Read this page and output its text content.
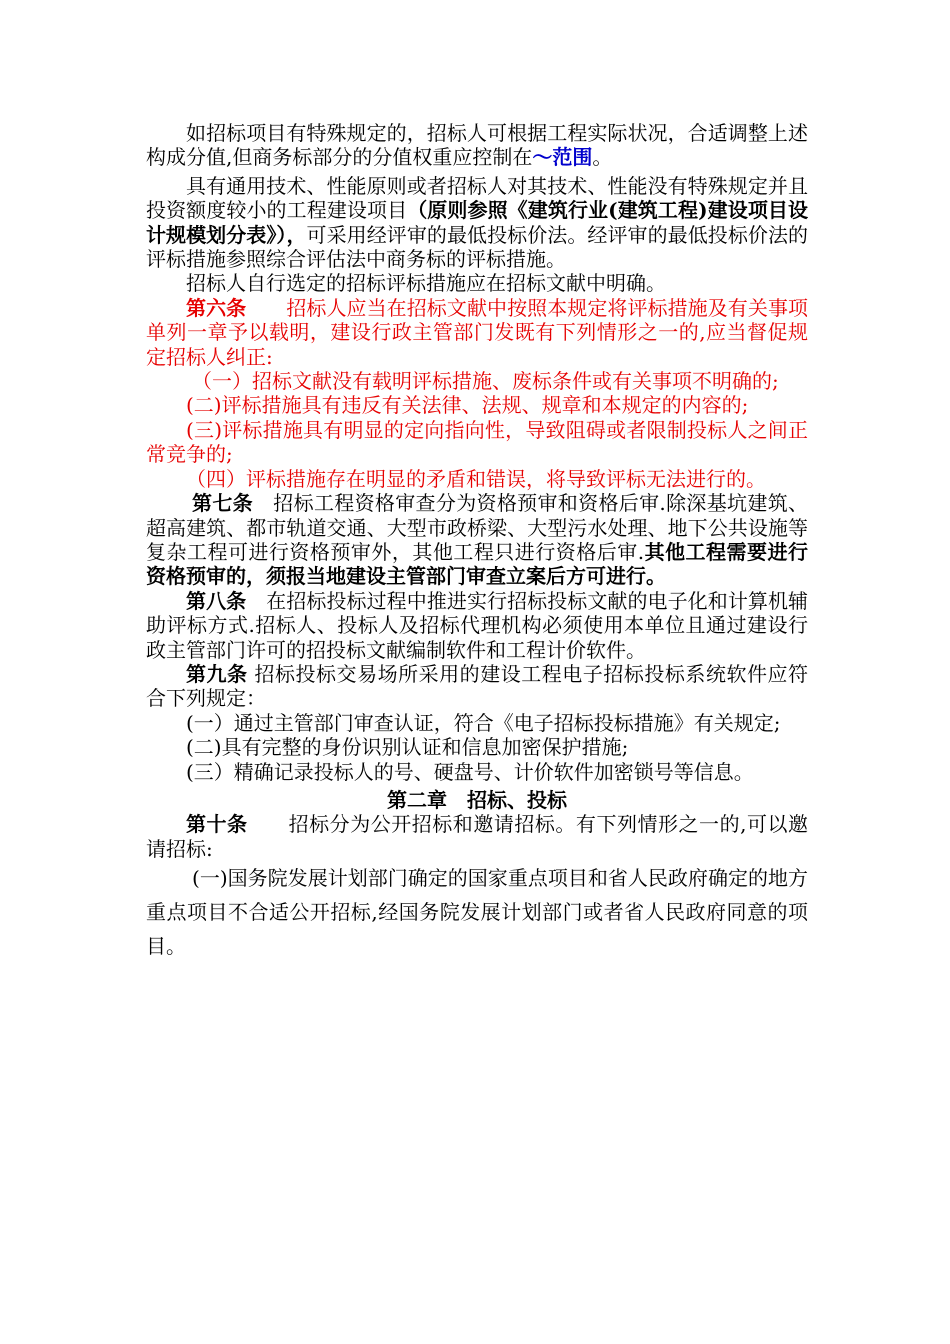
如招标项目有特殊规定的，招标人可根据工程实际状况，合适调整上述构成分值,但商务标部分的分值权重应控制在～范围。

具有通用技术、性能原则或者招标人对其技术、性能没有特殊规定并且投资额度较小的工程建设项目（原则参照《建筑行业(建筑工程)建设项目设计规模划分表》），可采用经评审的最低投标价法。经评审的最低投标价法的评标措施参照综合评估法中商务标的评标措施。

招标人自行选定的招标评标措施应在招标文献中明确。

第六条　　 招标人应当在招标文献中按照本规定将评标措施及有关事项单列一章予以载明，建设行政主管部门发既有下列情形之一的,应当督促规定招标人纠正:

（一）招标文献没有载明评标措施、废标条件或有关事项不明确的;

(二)评标措施具有违反有关法律、法规、规章和本规定的内容的;

(三)评标措施具有明显的定向指向性，导致阻碍或者限制投标人之间正常竞争的;

（四）评标措施存在明显的矛盾和错误，将导致评标无法进行的。

第七条　 招标工程资格审查分为资格预审和资格后审.除深基坑建筑、超高建筑、都市轨道交通、大型市政桥梁、大型污水处理、地下公共设施等复杂工程可进行资格预审外，其他工程只进行资格后审.其他工程需要进行资格预审的，须报当地建设主管部门审查立案后方可进行。

第八条　 在招标投标过程中推进实行招标投标文献的电子化和计算机辅助评标方式.招标人、投标人及招标代理机构必须使用本单位且通过建设行政主管部门许可的招投标文献编制软件和工程计价软件。

第九条 招标投标交易场所采用的建设工程电子招标投标系统软件应符合下列规定：

(一）通过主管部门审查认证，符合《电子招标投标措施》有关规定;

(二)具有完整的身份识别认证和信息加密保护措施;

(三）精确记录投标人的号、硬盘号、计价软件加密锁号等信息。

第二章　招标、投标

第十条　　 招标分为公开招标和邀请招标。有下列情形之一的,可以邀请招标:

(一)国务院发展计划部门确定的国家重点项目和省人民政府确定的地方重点项目不合适公开招标,经国务院发展计划部门或者省人民政府同意的项目。
